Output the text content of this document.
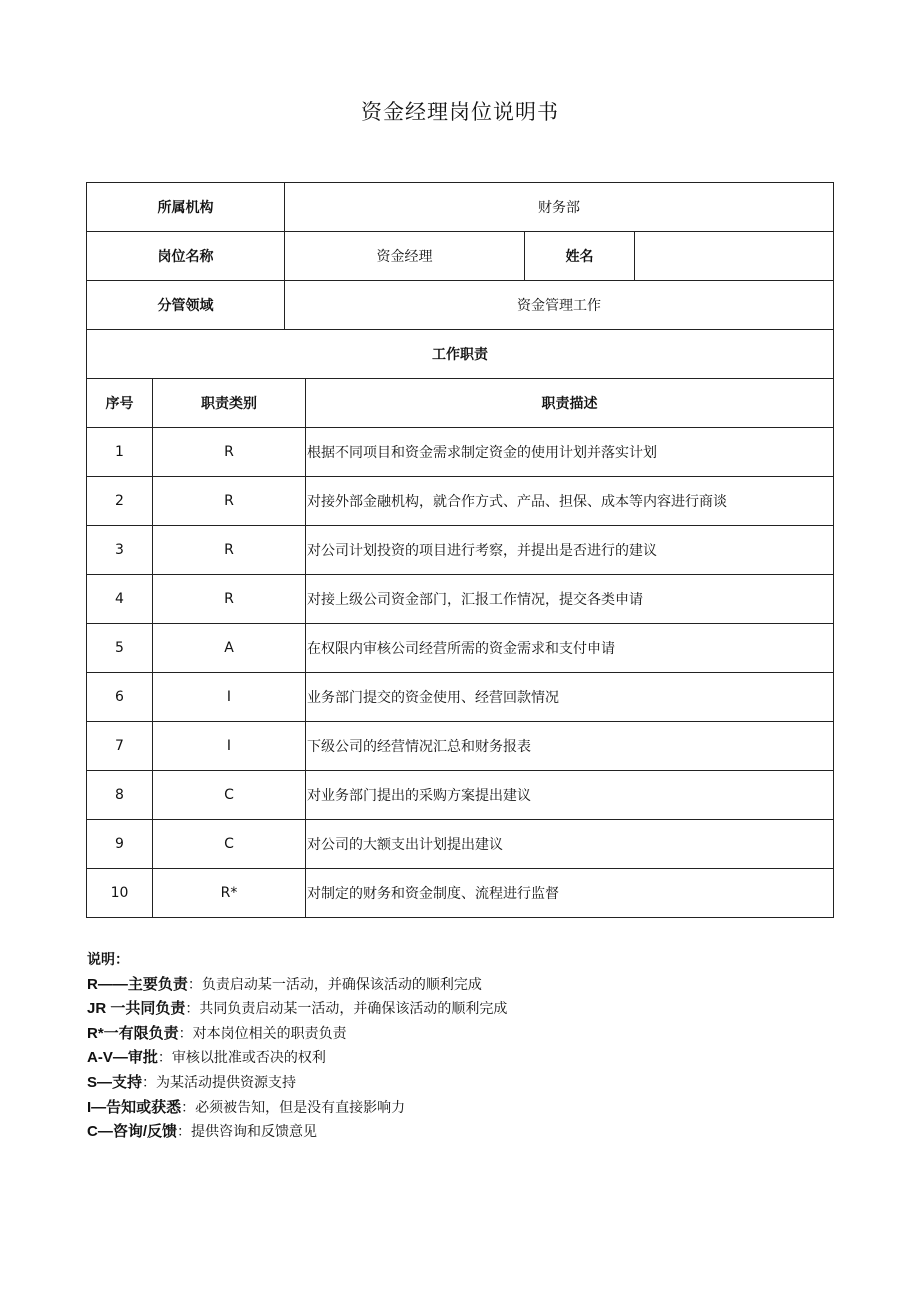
资金经理岗位说明书
所属机构		财务部			
岗位名称		资金经理		姓名	
分管领域		资金管理工作			
工作职责					
序号	职责类别		职责描述		
1	R		根据不同项目和资金需求制定资金的使用计划并落实计划		
2	R		对接外部金融机构，就合作方式、产品、担保、成本等内容进行商谈		
3	R		对公司计划投资的项目进行考察，并提出是否进行的建议		
4	R		对接上级公司资金部门，汇报工作情况，提交各类申请		
5	A		在权限内审核公司经营所需的资金需求和支付申请		
6	I		业务部门提交的资金使用、经营回款情况		
7	I		下级公司的经营情况汇总和财务报表		
8	C		对业务部门提出的采购方案提出建议		
9	C		对公司的大额支出计划提出建议		
10	R*		对制定的财务和资金制度、流程进行监督		
说明：
R——主要负责：负责启动某一活动，并确保该活动的顺利完成
JR 一共同负责：共同负责启动某一活动，并确保该活动的顺利完成
R*一有限负责：对本岗位相关的职责负责
A-V—审批：审核以批准或否决的权利
S—支持：为某活动提供资源支持
I—告知或获悉：必须被告知，但是没有直接影响力
C—咨询/反馈：提供咨询和反馈意见
